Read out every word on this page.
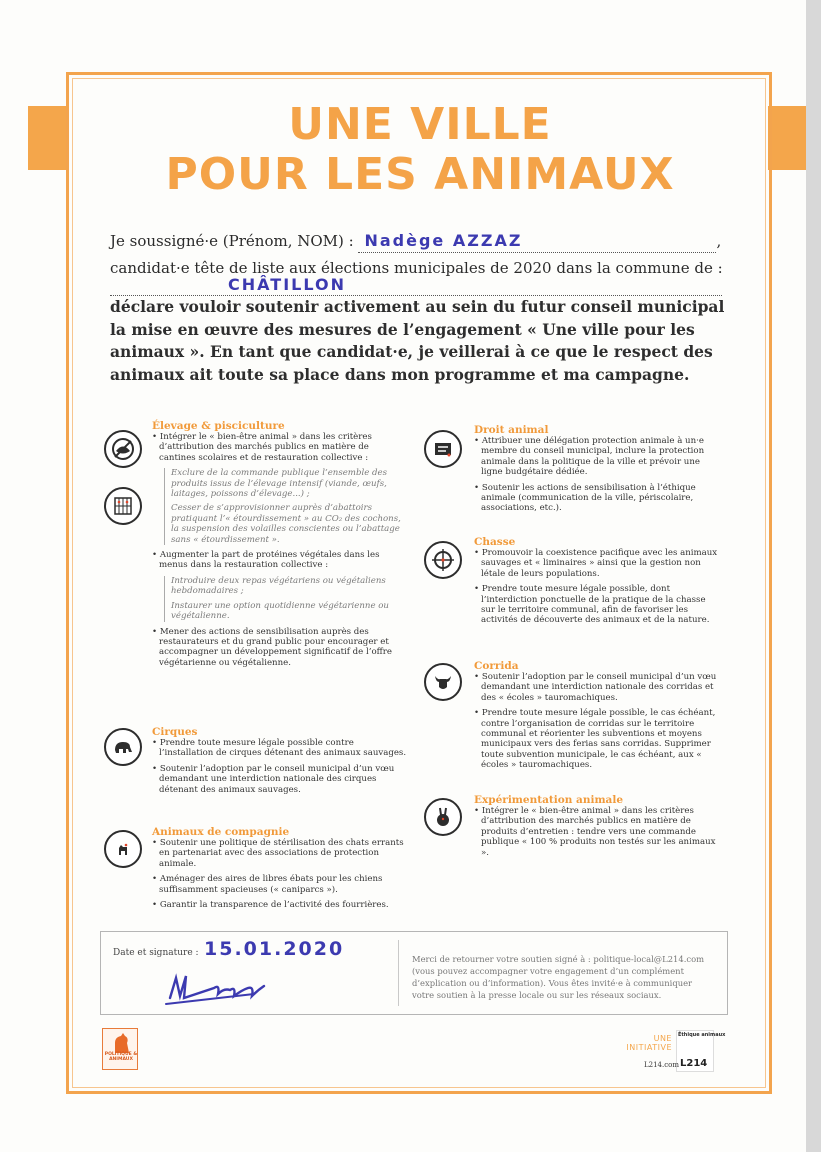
UNE VILLE
POUR LES ANIMAUX
Je soussigné·e (Prénom, NOM) : Nadège AZZAZ	,
candidat·e tête de liste aux élections municipales de 2020 dans la commune de :
CHÂTILLON
déclare vouloir soutenir activement au sein du futur conseil municipal la mise en œuvre des mesures de l’engagement « Une ville pour les animaux ». En tant que candidat·e, je veillerai à ce que le respect des animaux ait toute sa place dans mon programme et ma campagne.
Élevage & pisciculture
• Intégrer le « bien-être animal » dans les critères d’attribution des marchés publics en matière de cantines scolaires et de restauration collective :
Exclure de la commande publique l’ensemble des produits issus de l’élevage intensif (viande, œufs, laitages, poissons d’élevage...) ;
Cesser de s’approvisionner auprès d’abattoirs pratiquant l’« étourdissement » au CO₂ des cochons, la suspension des volailles conscientes ou l’abattage sans « étourdissement ».
• Augmenter la part de protéines végétales dans les menus dans la restauration collective :
Introduire deux repas végétariens ou végétaliens hebdomadaires ;
Instaurer une option quotidienne végétarienne ou végétalienne.
• Mener des actions de sensibilisation auprès des restaurateurs et du grand public pour encourager et accompagner un développement significatif de l’offre végétarienne ou végétalienne.
Cirques
• Prendre toute mesure légale possible contre l’installation de cirques détenant des animaux sauvages.
• Soutenir l’adoption par le conseil municipal d’un vœu demandant une interdiction nationale des cirques détenant des animaux sauvages.
Animaux de compagnie
• Soutenir une politique de stérilisation des chats errants en partenariat avec des associations de protection animale.
• Aménager des aires de libres ébats pour les chiens suffisamment spacieuses (« caniparcs »).
• Garantir la transparence de l’activité des fourrières.
Droit animal
• Attribuer une délégation protection animale à un·e membre du conseil municipal, inclure la protection animale dans la politique de la ville et prévoir une ligne budgétaire dédiée.
• Soutenir les actions de sensibilisation à l’éthique animale (communication de la ville, périscolaire, associations, etc.).
Chasse
• Promouvoir la coexistence pacifique avec les animaux sauvages et « liminaires » ainsi que la gestion non létale de leurs populations.
• Prendre toute mesure légale possible, dont l’interdiction ponctuelle de la pratique de la chasse sur le territoire communal, afin de favoriser les activités de découverte des animaux et de la nature.
Corrida
• Soutenir l’adoption par le conseil municipal d’un vœu demandant une interdiction nationale des corridas et des « écoles » tauromachiques.
• Prendre toute mesure légale possible, le cas échéant, contre l’organisation de corridas sur le territoire communal et réorienter les subventions et moyens municipaux vers des ferias sans corridas. Supprimer toute subvention municipale, le cas échéant, aux « écoles » tauromachiques.
Expérimentation animale
• Intégrer le « bien-être animal » dans les critères d’attribution des marchés publics en matière de produits d’entretien : tendre vers une commande publique « 100 % produits non testés sur les animaux ».
Date et signature : 15.01.2020	Merci de retourner votre soutien signé à : politique-local@L214.com (vous pouvez accompagner votre engagement d’un complément d’explication ou d’information). Vous êtes invité·e à communiquer votre soutien à la presse locale ou sur les réseaux sociaux.
POLITIQUE & ANIMAUX
UNE INITIATIVE
Éthique animaux
L214
L214.com
